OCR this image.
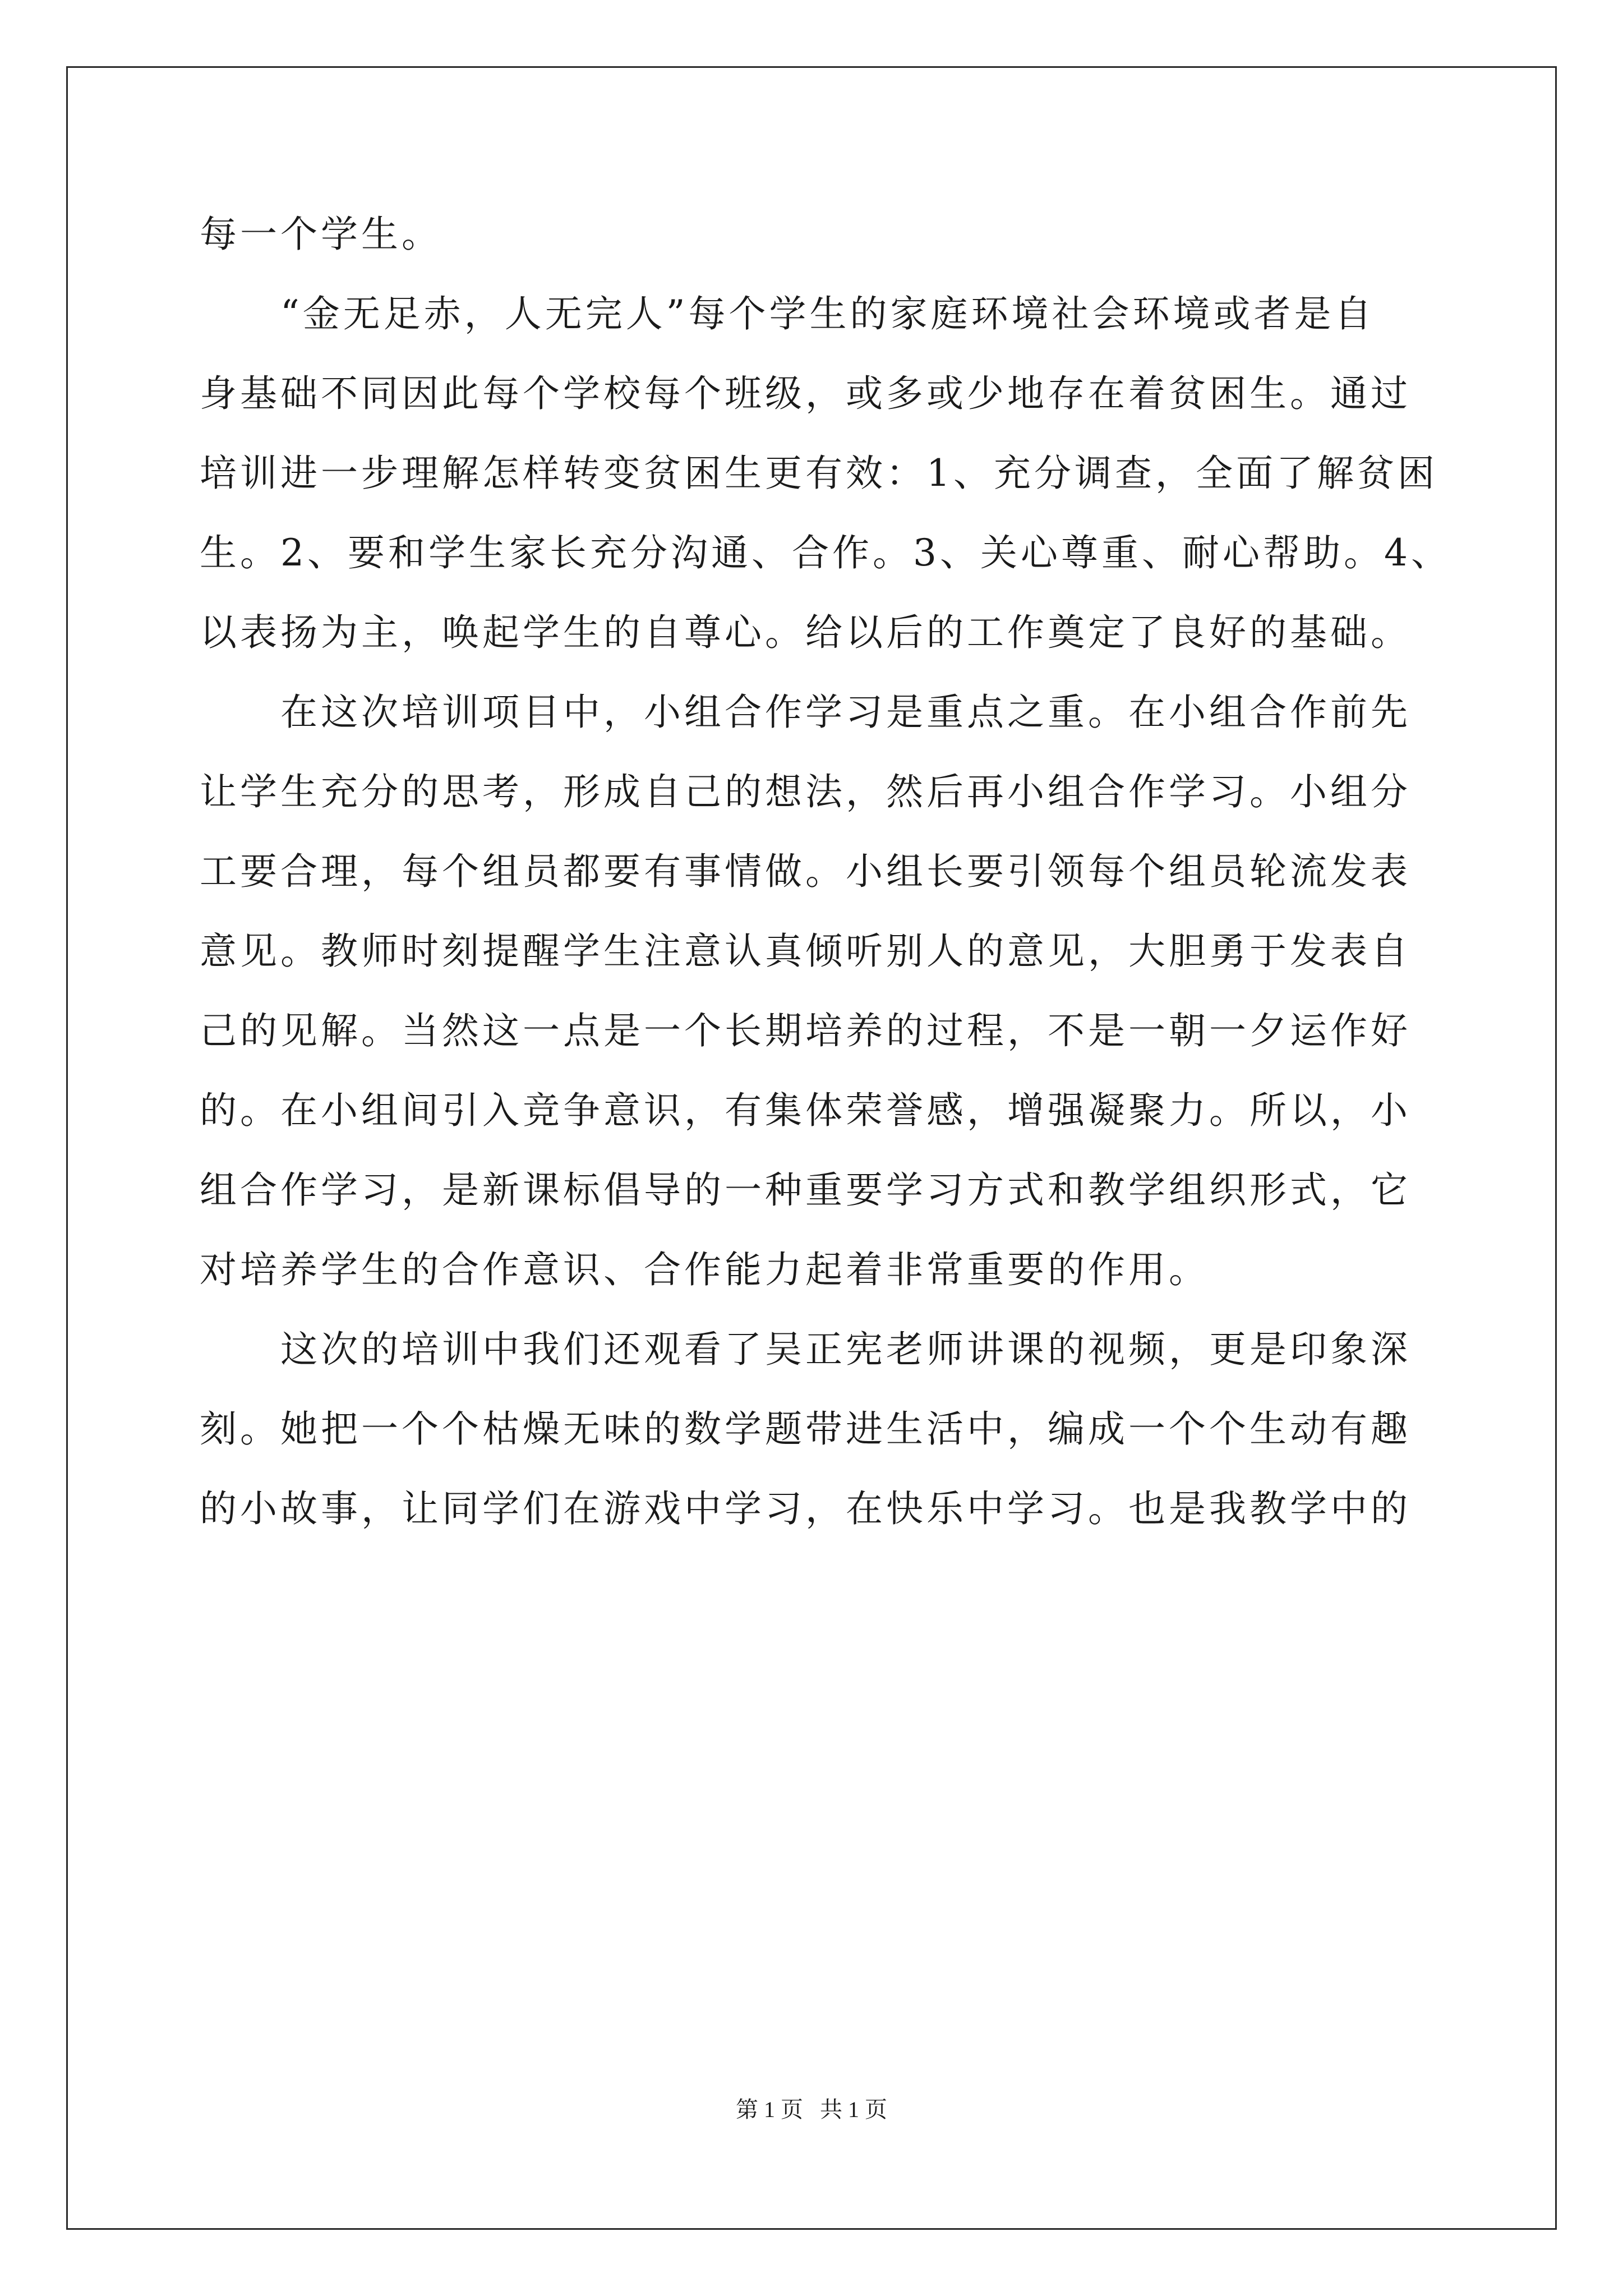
每一个学生。
　　“金无足赤，人无完人”每个学生的家庭环境社会环境或者是自
身基础不同因此每个学校每个班级，或多或少地存在着贫困生。通过
培训进一步理解怎样转变贫困生更有效：1、充分调查，全面了解贫困
生。2、要和学生家长充分沟通、合作。3、关心尊重、耐心帮助。4、
以表扬为主，唤起学生的自尊心。给以后的工作奠定了良好的基础。
　　在这次培训项目中，小组合作学习是重点之重。在小组合作前先
让学生充分的思考，形成自己的想法，然后再小组合作学习。小组分
工要合理，每个组员都要有事情做。小组长要引领每个组员轮流发表
意见。教师时刻提醒学生注意认真倾听别人的意见，大胆勇于发表自
己的见解。当然这一点是一个长期培养的过程，不是一朝一夕运作好
的。在小组间引入竞争意识，有集体荣誉感，增强凝聚力。所以，小
组合作学习，是新课标倡导的一种重要学习方式和教学组织形式，它
对培养学生的合作意识、合作能力起着非常重要的作用。
　　这次的培训中我们还观看了吴正宪老师讲课的视频，更是印象深
刻。她把一个个枯燥无味的数学题带进生活中，编成一个个生动有趣
的小故事，让同学们在游戏中学习，在快乐中学习。也是我教学中的
第 1 页   共 1 页
